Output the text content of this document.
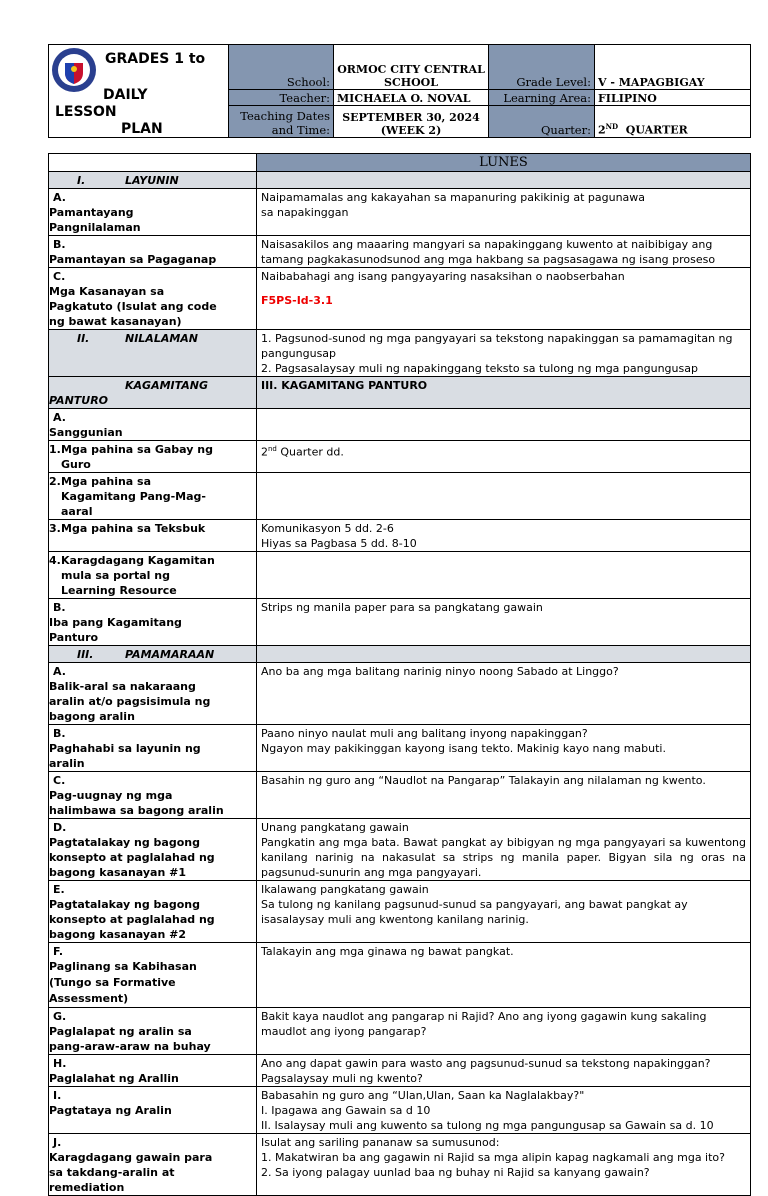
GRADES 1 to
DAILY
LESSON
PLAN	School:	ORMOC CITY CENTRAL SCHOOL	Grade Level:	V - MAPAGBIGAY
	Teacher:	MICHAELA O. NOVAL	Learning Area:	FILIPINO
	Teaching Dates and Time:	SEPTEMBER 30, 2024 (WEEK 2)	Quarter:	2ND QUARTER
	LUNES
I. LAYUNIN	
A.Pamantayang Pangnilalaman	Naipamamalas ang kakayahan sa mapanuring pakikinig at pagunawa
sa napakinggan

B.Pamantayan sa Pagaganap	Naisasakilos ang maaaring mangyari sa napakinggang kuwento at naibibigay ang tamang pagkakasunodsunod ang mga hakbang sa pagsasagawa ng isang proseso
C.Mga Kasanayan sa Pagkatuto (Isulat ang code ng bawat kasanayan)	Naibabahagi ang isang pangyayaring nasaksihan o naobserbahan
F5PS-Id-3.1

II. NILALAMAN	1. Pagsunod-sunod ng mga pangyayari sa tekstong napakinggan sa pamamagitan ng pangungusap
2. Pagsasalaysay muli ng napakinggang teksto sa tulong ng mga pangungusap

KAGAMITANG PANTURO	III. KAGAMITANG PANTURO
A.Sanggunian	
1.Mga pahina sa Gabay ng Guro	2nd Quarter dd.
2.Mga pahina sa Kagamitang Pang-Mag-aaral	
3.Mga pahina sa Teksbuk	Komunikasyon 5 dd. 2-6
Hiyas sa Pagbasa 5 dd. 8-10

4.Karagdagang Kagamitan mula sa portal ng Learning Resource	
B.Iba pang Kagamitang Panturo	Strips ng manila paper para sa pangkatang gawain
III. PAMAMARAAN	
A.Balik-aral sa nakaraang aralin at/o pagsisimula ng bagong aralin	Ano ba ang mga balitang narinig ninyo noong Sabado at Linggo?
B.Paghahabi sa layunin ng aralin	Paano ninyo naulat muli ang balitang inyong napakinggan?
Ngayon may pakikinggan kayong isang tekto. Makinig kayo nang mabuti.

C.Pag-uugnay ng mga halimbawa sa bagong aralin	Basahin ng guro ang “Naudlot na Pangarap” Talakayin ang nilalaman ng kwento.
D.Pagtatalakay ng bagong konsepto at paglalahad ng bagong kasanayan #1	Unang pangkatang gawain
Pangkatin ang mga bata. Bawat pangkat ay bibigyan ng mga pangyayari sa kuwentong kanilang narinig na nakasulat sa strips ng manila paper. Bigyan sila ng oras na pagsunud-sunurin ang mga pangyayari.

E.Pagtatalakay ng bagong konsepto at paglalahad ng bagong kasanayan #2	Ikalawang pangkatang gawain
Sa tulong ng kanilang pagsunud-sunud sa pangyayari, ang bawat pangkat ay isasalaysay muli ang kwentong kanilang narinig.

F.Paglinang sa Kabihasan (Tungo sa Formative Assessment)	Talakayin ang mga ginawa ng bawat pangkat.
G.Paglalapat ng aralin sa pang-araw-araw na buhay	Bakit kaya naudlot ang pangarap ni Rajid? Ano ang iyong gagawin kung sakaling maudlot ang iyong pangarap?
H.Paglalahat ng Arallin	Ano ang dapat gawin para wasto ang pagsunud-sunud sa tekstong napakinggan?
Pagsalaysay muli ng kwento?

I.Pagtataya ng Aralin	Babasahin ng guro ang “Ulan,Ulan, Saan ka Naglalakbay?"
I. Ipagawa ang Gawain sa d 10
II. Isalaysay muli ang kuwento sa tulong ng mga pangungusap sa Gawain sa d. 10

J.Karagdagang gawain para sa takdang-aralin at remediation	Isulat ang sariling pananaw sa sumusunod:
1. Makatwiran ba ang gagawin ni Rajid sa mga alipin kapag nagkamali ang mga ito?
2. Sa iyong palagay uunlad baa ng buhay ni Rajid sa kanyang gawain?
